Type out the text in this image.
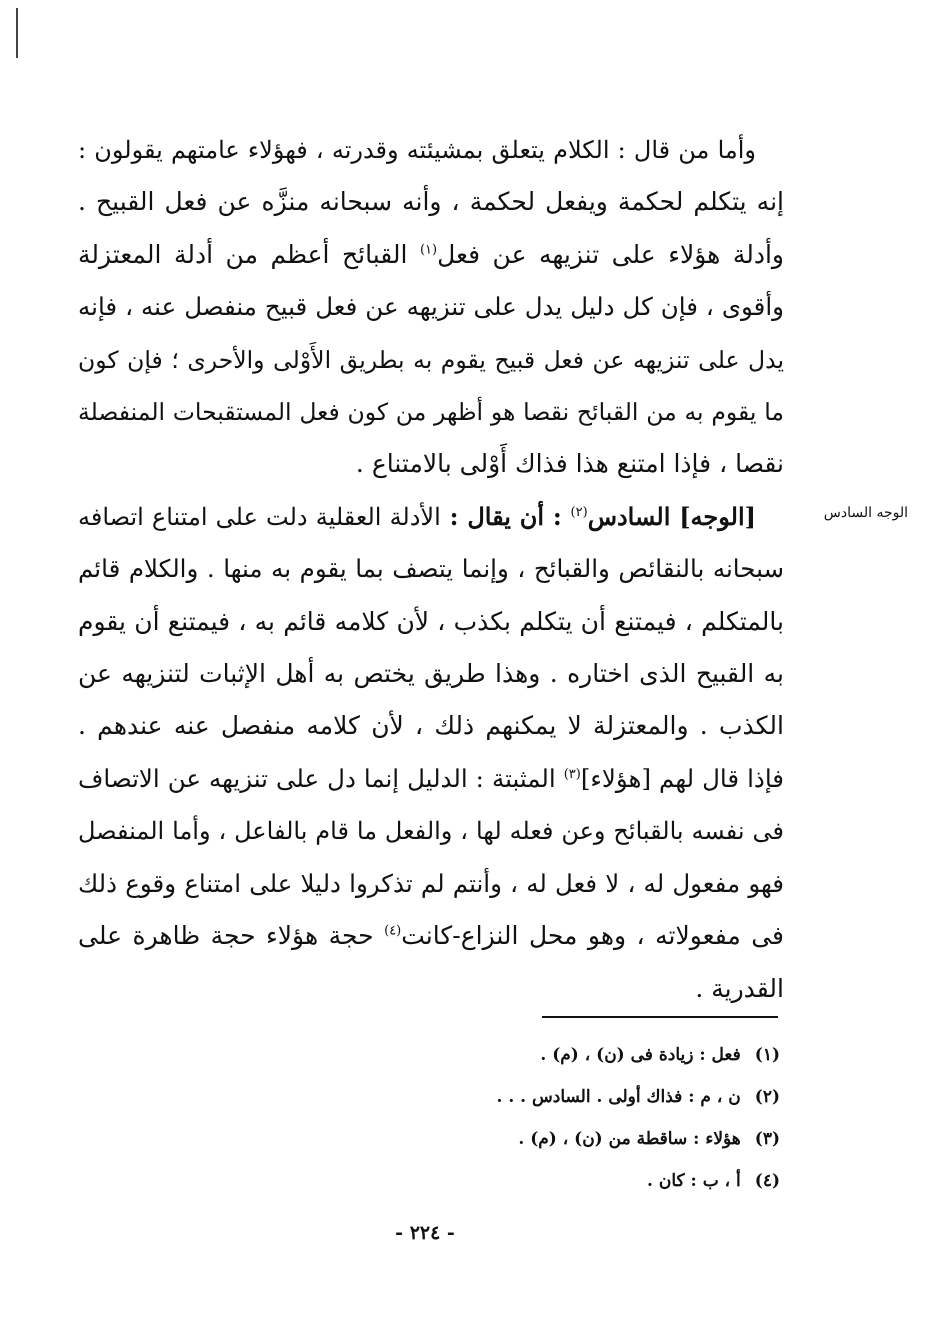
وأما من قال : الكلام يتعلق بمشيئته وقدرته ، فهؤلاء عامتهم يقولون :
إنه يتكلم لحكمة ويفعل لحكمة ، وأنه سبحانه منزَّه عن فعل القبيح .
وأدلة هؤلاء على تنزيهه عن فعل$^{(١)}$ القبائح أعظم من أدلة المعتزلة
وأقوى ، فإن كل دليل يدل على تنزيهه عن فعل قبيح منفصل عنه ، فإنه
يدل على تنزيهه عن فعل قبيح يقوم به بطريق الأَوْلى والأحرى ؛ فإن كون
ما يقوم به من القبائح نقصا هو أظهر من كون فعل المستقبحات المنفصلة
نقصا ، فإذا امتنع هذا فذاك أَوْلى بالامتناع .
[الوجه] السادس$^{(٢)}$ : أن يقال : الأدلة العقلية دلت على امتناع اتصافه
سبحانه بالنقائص والقبائح ، وإنما يتصف بما يقوم به منها . والكلام قائم
بالمتكلم ، فيمتنع أن يتكلم بكذب ، لأن كلامه قائم به ، فيمتنع أن يقوم
به القبيح الذى اختاره . وهذا طريق يختص به أهل الإثبات لتنزيهه عن
الكذب . والمعتزلة لا يمكنهم ذلك ، لأن كلامه منفصل عنه عندهم .
فإذا قال لهم [هؤلاء]$^{(٣)}$ المثبتة : الدليل إنما دل على تنزيهه عن الاتصاف
فى نفسه بالقبائح وعن فعله لها ، والفعل ما قام بالفاعل ، وأما المنفصل
فهو مفعول له ، لا فعل له ، وأنتم لم تذكروا دليلا على امتناع وقوع ذلك
فى مفعولاته ، وهو محل النزاع-كانت$^{(٤)}$ حجة هؤلاء حجة ظاهرة على
القدرية .
الوجه السادس
(١)فعل : زيادة فى (ن) ، (م) .
(٢)ن ، م : فذاك أولى . السادس . . .
(٣)هؤلاء : ساقطة من (ن) ، (م) .
(٤)أ ، ب : كان .
- ٢٢٤ -
